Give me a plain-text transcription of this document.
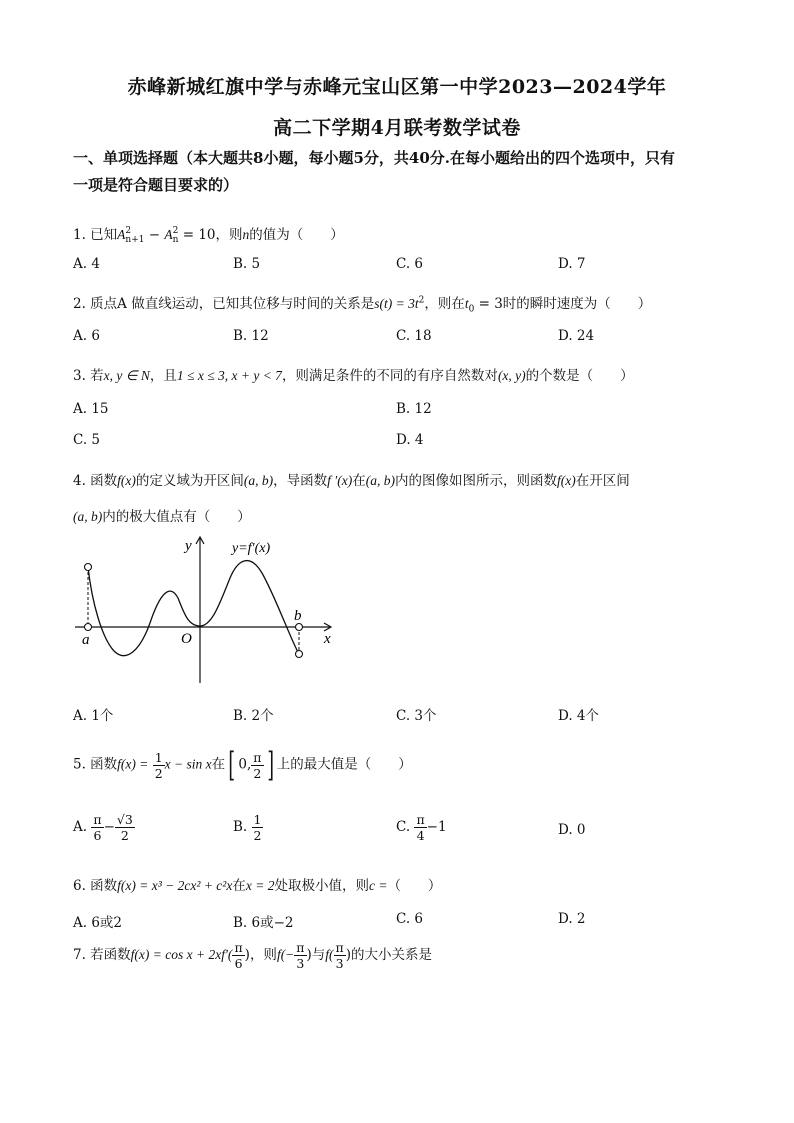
赤峰新城红旗中学与赤峰元宝山区第一中学2023—2024学年
高二下学期4月联考数学试卷
一、单项选择题（本大题共8小题，每小题5分，共40分.在每小题给出的四个选项中，只有
一项是符合题目要求的）
1. 已知A 2
n+1 − A 2
n = 10，则n的值为（　　）
A. 4	B. 5	C. 6	D. 7
2. 质点A 做直线运动，已知其位移与时间的关系是$s(t) = 3t^2$，则在$t_0 = 3$时的瞬时速度为（　　）
A. 6	B. 12	C. 18	D. 24
3. 若x, y ∈ N，且1 ≤ x ≤ 3, x + y < 7，则满足条件的不同的有序自然数对(x, y)的个数是（　　）
A. 15	B. 12
C. 5	D. 4
4. 函数f(x)的定义域为开区间(a, b)，导函数f ′(x)在(a, b)内的图像如图所示，则函数f(x)在开区间
(a, b)内的极大值点有（　　）
y	y=f′(x)
x
a
b
O
A. 1个	B. 2个	C. 3个	D. 4个
5. 函数$f(x) = \frac{1}{2}$ x − sin x在[ 0, $\frac{\pi}{2}$ ] 上的最大值是（　　）
A. $\frac{\pi}{6} - \frac{√3}{2}$	B. $\frac{1}{2}$	C. $\frac{\pi}{4} -1$	D. 0
6. 函数f(x) = x³ − 2cx² + c²x在x = 2处取极小值，则c =（　　）
A. 6或2	B. 6或−2	C. 6	D. 2
7. 若函数$f(x) = \cos x + 2xf'( \frac{\pi}{6}$ )，则$f(- \frac{\pi}{3}$ )与$f( \frac{\pi}{3}$ )的大小关系是
